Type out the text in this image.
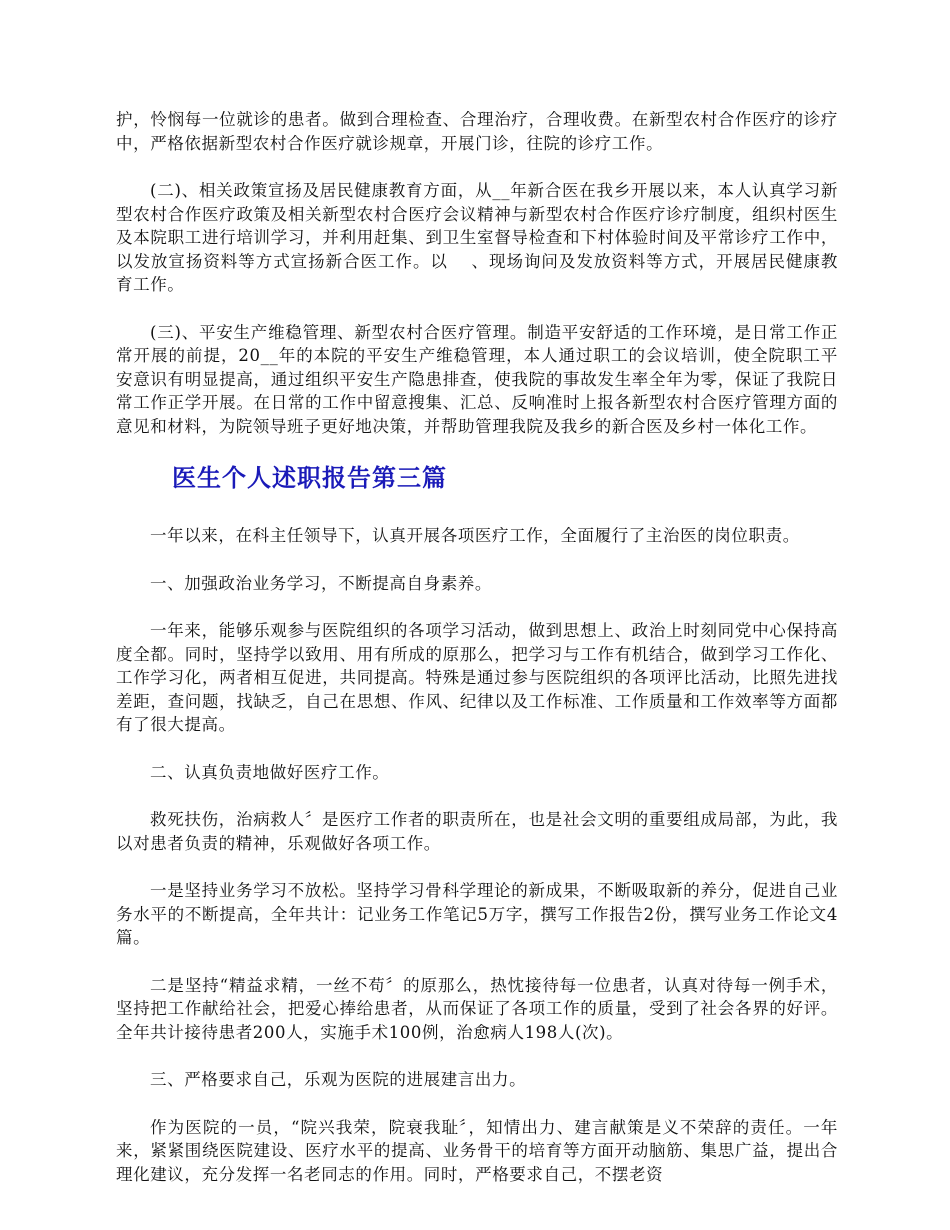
护，怜悯每一位就诊的患者。做到合理检查、合理治疗，合理收费。在新型农村合作医疗的诊疗中，严格依据新型农村合作医疗就诊规章，开展门诊，往院的诊疗工作。

(二)、相关政策宣扬及居民健康教育方面，从__年新合医在我乡开展以来，本人认真学习新型农村合作医疗政策及相关新型农村合医疗会议精神与新型农村合作医疗诊疗制度，组织村医生及本院职工进行培训学习，并利用赶集、到卫生室督导检查和下村体验时间及平常诊疗工作中，以发放宣扬资料等方式宣扬新合医工作。以　 、现场询问及发放资料等方式，开展居民健康教育工作。

(三)、平安生产维稳管理、新型农村合医疗管理。制造平安舒适的工作环境，是日常工作正常开展的前提，20__年的本院的平安生产维稳管理，本人通过职工的会议培训，使全院职工平安意识有明显提高，通过组织平安生产隐患排查，使我院的事故发生率全年为零，保证了我院日常工作正学开展。在日常的工作中留意搜集、汇总、反响准时上报各新型农村合医疗管理方面的意见和材料，为院领导班子更好地决策，并帮助管理我院及我乡的新合医及乡村一体化工作。

医生个人述职报告第三篇

一年以来，在科主任领导下，认真开展各项医疗工作，全面履行了主治医的岗位职责。

一、加强政治业务学习，不断提高自身素养。

一年来，能够乐观参与医院组织的各项学习活动，做到思想上、政治上时刻同党中心保持高度全都。同时，坚持学以致用、用有所成的原那么，把学习与工作有机结合，做到学习工作化、工作学习化，两者相互促进，共同提高。特殊是通过参与医院组织的各项评比活动，比照先进找差距，查问题，找缺乏，自己在思想、作风、纪律以及工作标准、工作质量和工作效率等方面都有了很大提高。

二、认真负责地做好医疗工作。

救死扶伤，治病救人〞是医疗工作者的职责所在，也是社会文明的重要组成局部，为此，我以对患者负责的精神，乐观做好各项工作。

一是坚持业务学习不放松。坚持学习骨科学理论的新成果，不断吸取新的养分，促进自己业务水平的不断提高，全年共计：记业务工作笔记5万字，撰写工作报告2份，撰写业务工作论文4篇。

二是坚持“精益求精，一丝不苟〞的原那么，热忱接待每一位患者，认真对待每一例手术，坚持把工作献给社会，把爱心捧给患者，从而保证了各项工作的质量，受到了社会各界的好评。全年共计接待患者200人，实施手术100例，治愈病人198人(次)。

三、严格要求自己，乐观为医院的进展建言出力。

作为医院的一员，“院兴我荣，院衰我耻〞，知情出力、建言献策是义不荣辞的责任。一年来，紧紧围绕医院建设、医疗水平的提高、业务骨干的培育等方面开动脑筋、集思广益，提出合理化建议，充分发挥一名老同志的作用。同时，严格要求自己，不摆老资
